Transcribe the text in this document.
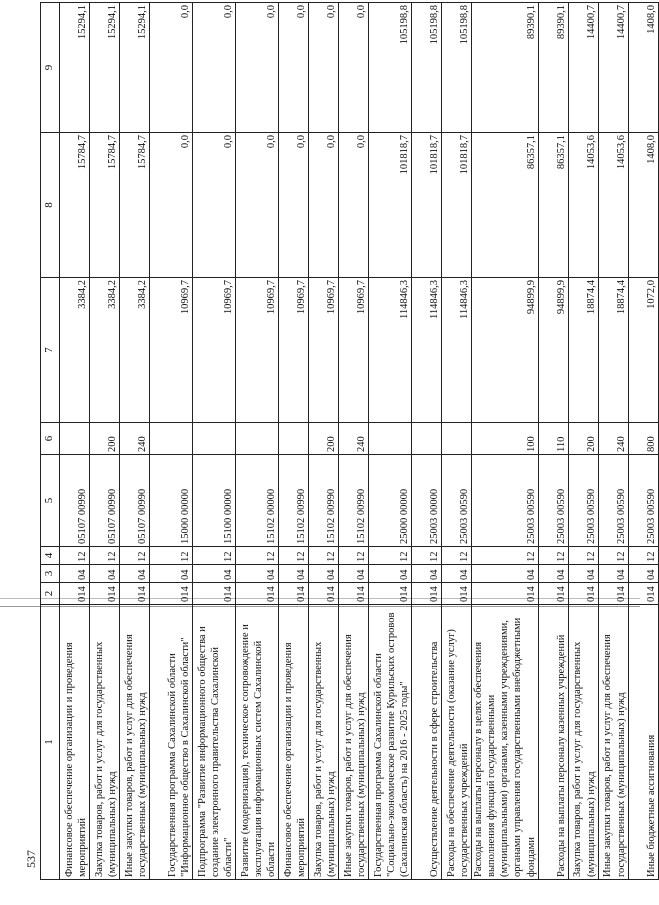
537
1	2	3	4	5	6	7	8	9
Финансовое обеспечение организации и проведения мероприятий	014	04	12	05107 00990		3384,2	15784,7	15294,1
Закупка товаров, работ и услуг для государственных (муниципальных) нужд	014	04	12	05107 00990	200	3384,2	15784,7	15294,1
Иные закупки товаров, работ и услуг для обеспечения государственных (муниципальных) нужд	014	04	12	05107 00990	240	3384,2	15784,7	15294,1
Государственная программа Сахалинской области "Информационное общество в Сахалинской области"	014	04	12	15000 00000		10969,7	0,0	0,0
Подпрограмма "Развитие информационного общества и создание электронного правительства Сахалинской области"	014	04	12	15100 00000		10969,7	0,0	0,0
Развитие (модернизация), техническое сопровождение и эксплуатация информационных систем Сахалинской области	014	04	12	15102 00000		10969,7	0,0	0,0
Финансовое обеспечение организации и проведения мероприятий	014	04	12	15102 00990		10969,7	0,0	0,0
Закупка товаров, работ и услуг для государственных (муниципальных) нужд	014	04	12	15102 00990	200	10969,7	0,0	0,0
Иные закупки товаров, работ и услуг для обеспечения государственных (муниципальных) нужд	014	04	12	15102 00990	240	10969,7	0,0	0,0
Государственная программа Сахалинской области "Социально-экономическое развитие Курильских островов (Сахалинская область) на 2016 - 2025 годы"	014	04	12	25000 00000		114846,3	101818,7	105198,8
Осуществление деятельности в сфере строительства	014	04	12	25003 00000		114846,3	101818,7	105198,8
Расходы на обеспечение деятельности (оказание услуг) государственных учреждений	014	04	12	25003 00590		114846,3	101818,7	105198,8
Расходы на выплаты персоналу в целях обеспечения выполнения функций государственными (муниципальными) органами, казенными учреждениями, органами управления государственными внебюджетными фондами	014	04	12	25003 00590	100	94899,9	86357,1	89390,1
Расходы на выплаты персоналу казенных учреждений	014	04	12	25003 00590	110	94899,9	86357,1	89390,1
Закупка товаров, работ и услуг для государственных (муниципальных) нужд	014	04	12	25003 00590	200	18874,4	14053,6	14400,7
Иные закупки товаров, работ и услуг для обеспечения государственных (муниципальных) нужд	014	04	12	25003 00590	240	18874,4	14053,6	14400,7
Иные бюджетные ассигнования	014	04	12	25003 00590	800	1072,0	1408,0	1408,0
